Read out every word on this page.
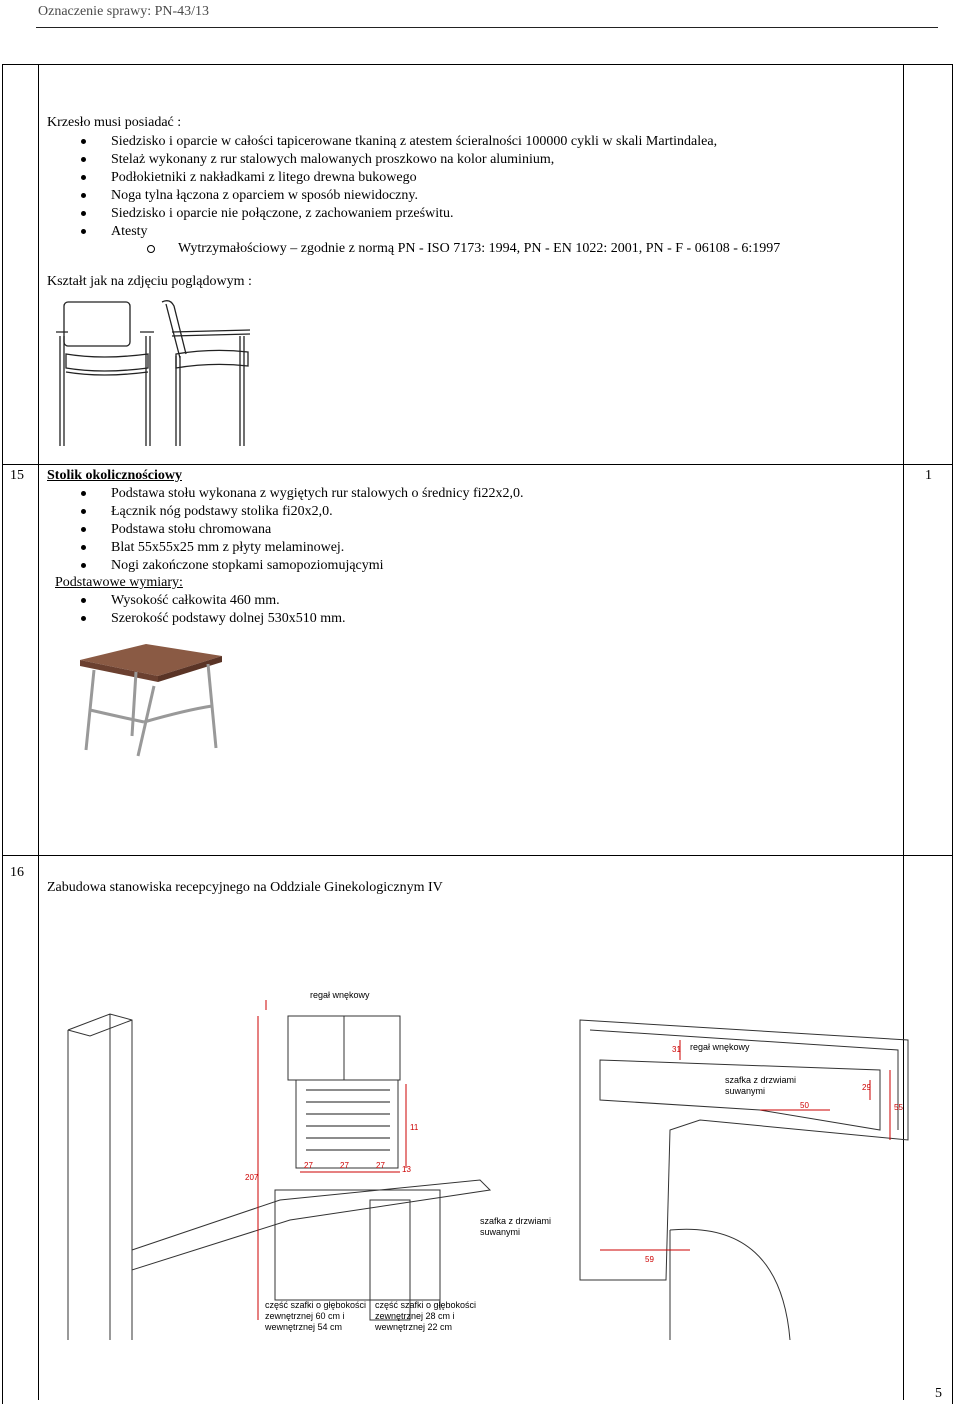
Oznaczenie sprawy: PN-43/13
Krzesło musi posiadać :
Siedzisko i oparcie w całości tapicerowane tkaniną z atestem ścieralności 100000 cykli w skali Martindalea,
Stelaż wykonany z rur stalowych malowanych proszkowo na kolor aluminium,
Podłokietniki z nakładkami z litego drewna bukowego
Noga tylna łączona z oparciem w sposób niewidoczny.
Siedzisko i oparcie nie połączone, z zachowaniem prześwitu.
Atesty
Wytrzymałościowy – zgodnie z normą PN - ISO 7173: 1994, PN - EN 1022: 2001, PN - F - 06108 - 6:1997
Kształt jak na zdjęciu poglądowym :
15	1
Stolik okolicznościowy
Podstawa stołu wykonana z wygiętych rur stalowych o średnicy fi22x2,0.
Łącznik nóg podstawy stolika fi20x2,0.
Podstawa stołu chromowana
Blat 55x55x25 mm z płyty melaminowej.
Nogi zakończone stopkami samopoziomującymi
Podstawowe wymiary:
Wysokość całkowita 460 mm.
Szerokość podstawy dolnej 530x510 mm.
16
Zabudowa stanowiska recepcyjnego na Oddziale Ginekologicznym IV
regał wnękowy
207
27	27	27
11
13
część szafki o głębokości
zewnętrznej 60 cm i
wewnętrznej 54 cm
część szafki o głębokości
zewnętrznej 28 cm i
wewnętrznej 22 cm
szafka z drzwiami
suwanymi
regał wnękowy
szafka z drzwiami
suwanymi
31
29
50	55
59
5
